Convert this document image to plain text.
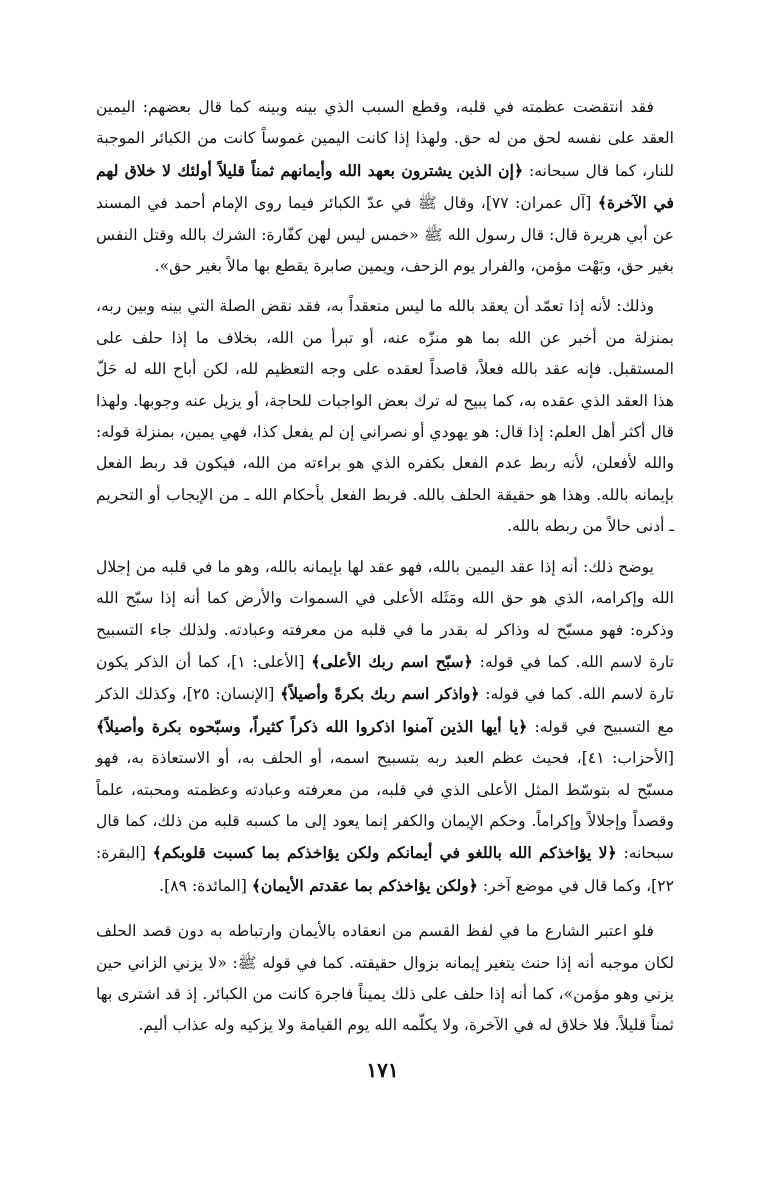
فقد انتقضت عظمته في قلبه، وقطع السبب الذي بينه وبينه كما قال بعضهم: اليمين العقد على نفسه لحق من له حق. ولهذا إذا كانت اليمين غموساً كانت من الكبائر الموجبة للنار، كما قال سبحانه: ﴿إن الذين يشترون بعهد الله وأيمانهم ثمناً قليلاً أولئك لا خلاق لهم في الآخرة﴾ [آل عمران: ٧٧]، وقال ﷺ في عدّ الكبائر فيما روى الإمام أحمد في المسند عن أبي هريرة قال: قال رسول الله ﷺ «خمس ليس لهن كفّارة: الشرك بالله وقتل النفس بغير حق، وبَهْت مؤمن، والفرار يوم الزحف، ويمين صابرة يقطع بها مالاً بغير حق».

وذلك: لأنه إذا تعمّد أن يعقد بالله ما ليس منعقداً به، فقد نقض الصلة التي بينه وبين ربه، بمنزلة من أخبر عن الله بما هو منزّه عنه، أو تبرأ من الله، بخلاف ما إذا حلف على المستقبل. فإنه عقد بالله فعلاً، قاصداً لعقده على وجه التعظيم لله، لكن أباح الله له حَلّ هذا العقد الذي عقده به، كما يبيح له ترك بعض الواجبات للحاجة، أو يزيل عنه وجوبها. ولهذا قال أكثر أهل العلم: إذا قال: هو يهودي أو نصراني إن لم يفعل كذا، فهي يمين، بمنزلة قوله: والله لأفعلن، لأنه ربط عدم الفعل بكفره الذي هو براءته من الله، فيكون قد ربط الفعل بإيمانه بالله. وهذا هو حقيقة الحلف بالله. فربط الفعل بأحكام الله ـ من الإيجاب أو التحريم ـ أدنى حالاً من ربطه بالله.

يوضح ذلك: أنه إذا عقد اليمين بالله، فهو عقد لها بإيمانه بالله، وهو ما في قلبه من إجلال الله وإكرامه، الذي هو حق الله ومَثَله الأعلى في السموات والأرض كما أنه إذا سبّح الله وذكره: فهو مسبّح له وذاكر له بقدر ما في قلبه من معرفته وعبادته. ولذلك جاء التسبيح تارة لاسم الله. كما في قوله: ﴿سبّح اسم ربك الأعلى﴾ [الأعلى: ١]، كما أن الذكر يكون تارة لاسم الله. كما في قوله: ﴿واذكر اسم ربك بكرةً وأصيلاً﴾ [الإنسان: ٢٥]، وكذلك الذكر مع التسبيح في قوله: ﴿يا أيها الذين آمنوا اذكروا الله ذكراً كثيراً، وسبّحوه بكرة وأصيلاً﴾ [الأحزاب: ٤١]، فحيث عظم العبد ربه بتسبيح اسمه، أو الحلف به، أو الاستعاذة به، فهو مسبّح له بتوسّط المثل الأعلى الذي في قلبه، من معرفته وعبادته وعظمته ومحبته، علماً وقصداً وإجلالاً وإكراماً. وحكم الإيمان والكفر إنما يعود إلى ما كسبه قلبه من ذلك، كما قال سبحانه: ﴿لا يؤاخذكم الله باللغو في أيمانكم ولكن يؤاخذكم بما كسبت قلوبكم﴾ [البقرة: ٢٢]، وكما قال في موضع آخر: ﴿ولكن يؤاخذكم بما عقدتم الأيمان﴾ [المائدة: ٨٩].

فلو اعتبر الشارع ما في لفظ القسم من انعقاده بالأيمان وارتباطه به دون قصد الحلف لكان موجبه أنه إذا حنث يتغير إيمانه بزوال حقيقته. كما في قوله ﷺ: «لا يزني الزاني حين يزني وهو مؤمن»، كما أنه إذا حلف على ذلك يميناً فاجرة كانت من الكبائر. إذ قد اشترى بها ثمناً قليلاً. فلا خلاق له في الآخرة، ولا يكلّمه الله يوم القيامة ولا يزكيه وله عذاب أليم.

١٧١
